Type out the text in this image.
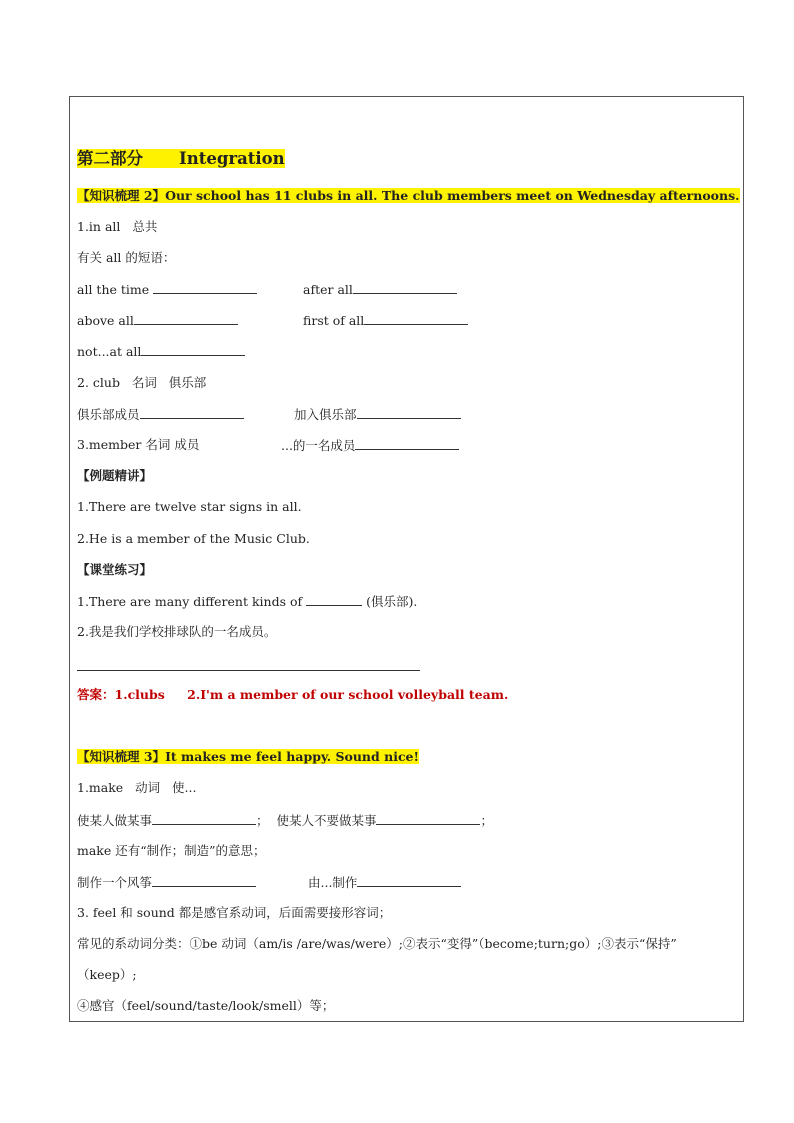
第二部分 Integration
【知识梳理 2】Our school has 11 clubs in all. The club members meet on Wednesday afternoons.
1.in all   总共
有关 all 的短语：
all the time	after all
above all	first of all
not...at all
2. club   名词   俱乐部
俱乐部成员	加入俱乐部
3.member 名词 成员	...的一名成员
【例题精讲】
1.There are twelve star signs in all.
2.He is a member of the Music Club.
【课堂练习】
1.There are many different kinds of	(俱乐部).
2.我是我们学校排球队的一名成员。
答案：1.clubs 2.I'm a member of our school volleyball team.
【知识梳理 3】It makes me feel happy. Sound nice!
1.make   动词   使...
使某人做某事	；  使某人不要做某事	；
make 还有“制作；制造”的意思；
制作一个风筝	由...制作
3. feel 和 sound 都是感官系动词，后面需要接形容词；
常见的系动词分类：①be 动词（am/is /are/was/were）;②表示“变得”（become;turn;go）;③表示“保持”
（keep）;
④感官（feel/sound/taste/look/smell）等；
